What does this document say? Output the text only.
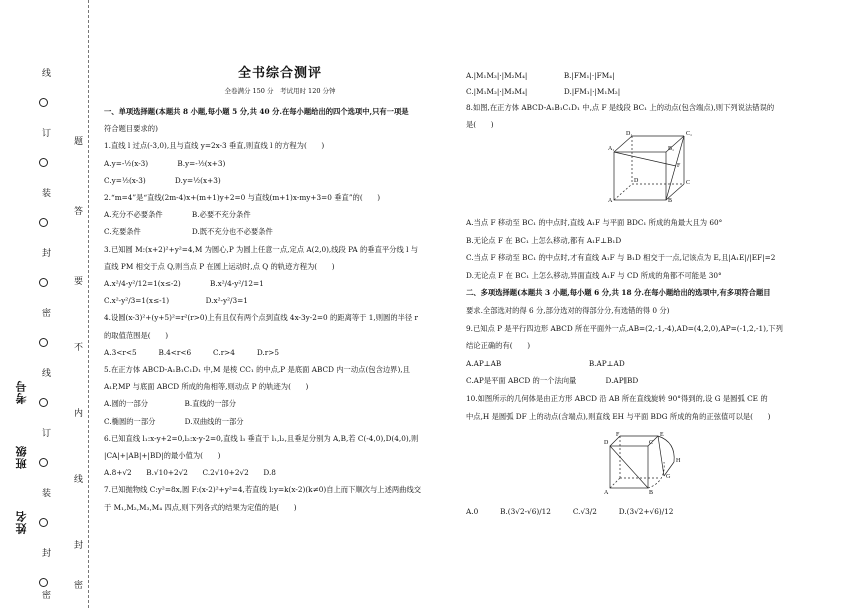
线
订
装
封
密
线
订
装
封
密
题
答
要
不
内
线
封
密
考号
班级
姓名

全书综合测评

全卷满分 150 分　考试用时 120 分钟

一、单项选择题(本题共 8 小题,每小题 5 分,共 40 分.在每小题给出的四个选项中,只有一项是

符合题目要求的)

1.直线 l 过点(-3,0),且与直线 y=2x-3 垂直,则直线 l 的方程为(　　)

A.y=-½(x-3)　　　　B.y=-½(x+3)

C.y=½(x-3)　　　　D.y=½(x+3)

2.“m=4”是“直线(2m-4)x+(m+1)y+2=0 与直线(m+1)x-my+3=0 垂直”的(　　)

A.充分不必要条件　　　　B.必要不充分条件

C.充要条件　　　　　　　D.既不充分也不必要条件

3.已知圆 M:(x+2)²+y²=4,M 为圆心,P 为圆上任意一点,定点 A(2,0),线段 PA 的垂直平分线 l 与

直线 PM 相交于点 Q,则当点 P 在圆上运动时,点 Q 的轨迹方程为(　　)

A.x²/4-y²/12=1(x≤-2)　　　　B.x²/4-y²/12=1

C.x²-y²/3=1(x≤-1)　　　　　D.x²-y²/3=1

4.设圆(x-3)²+(y+5)²=r²(r>0)上有且仅有两个点到直线 4x-3y-2=0 的距离等于 1,则圆的半径 r

的取值范围是(　　)

A.3<r<5　　　B.4<r<6　　　C.r>4　　　D.r>5

5.在正方体 ABCD-A₁B₁C₁D₁ 中,M 是棱 CC₁ 的中点,P 是底面 ABCD 内一动点(包含边界),且

A₁P,MP 与底面 ABCD 所成的角相等,则动点 P 的轨迹为(　　)

A.圆的一部分　　　　　B.直线的一部分

C.椭圆的一部分　　　　D.双曲线的一部分

6.已知直线 l₁:x-y+2=0,l₂:x-y-2=0,直线 l₃ 垂直于 l₁,l₂,且垂足分别为 A,B,若 C(-4,0),D(4,0),则

|CA|+|AB|+|BD|的最小值为(　　)

A.8+√2　　B.√10+2√2　　C.2√10+2√2　　D.8

7.已知抛物线 C:y²=8x,圆 F:(x-2)²+y²=4,若直线 l:y=k(x-2)(k≠0)自上而下顺次与上述两曲线交

于 M₁,M₂,M₃,M₄ 四点,则下列各式的结果为定值的是(　　)

A.|M₁M₃|·|M₂M₄|　　　　　B.|FM₁|·|FM₄|

C.|M₁M₂|·|M₃M₄|　　　　　D.|FM₁|·|M₁M₂|

8.如图,在正方体 ABCD-A₁B₁C₁D₁ 中,点 F 是线段 BC₁ 上的动点(包含端点),则下列说法错误的

是(　　)

D₁	C₁
A₁	B₁
F
D	C
A	B

A.当点 F 移动至 BC₁ 的中点时,直线 A₁F 与平面 BDC₁ 所成的角最大且为 60°

B.无论点 F 在 BC₁ 上怎么移动,都有 A₁F⊥B₁D

C.当点 F 移动至 BC₁ 的中点时,才有直线 A₁F 与 B₁D 相交于一点,记该点为 E,且|A₁E|/|EF|=2

D.无论点 F 在 BC₁ 上怎么移动,异面直线 A₁F 与 CD 所成的角都不可能是 30°

二、多项选择题(本题共 3 小题,每小题 6 分,共 18 分.在每小题给出的选项中,有多项符合题目

要求.全部选对的得 6 分,部分选对的得部分分,有选错的得 0 分)

9.已知点 P 是平行四边形 ABCD 所在平面外一点,AB=(2,-1,-4),AD=(4,2,0),AP=(-1,2,-1),下列

结论正确的有(　　)

A.AP⊥AB　　　　　　　　　　　　B.AP⊥AD

C.AP是平面 ABCD 的一个法向量　　　　D.AP∥BD

10.如图所示的几何体是由正方形 ABCD 沿 AB 所在直线旋转 90°得到的,设 G 是圆弧 CE 的

中点,H 是圆弧 DF 上的动点(含端点),则直线 EH 与平面 BDG 所成的角的正弦值可以是(　　)

D	C
F	E
H
G
A	B

A.0　　　B.(3√2-√6)/12　　　C.√3/2　　　D.(3√2+√6)/12
